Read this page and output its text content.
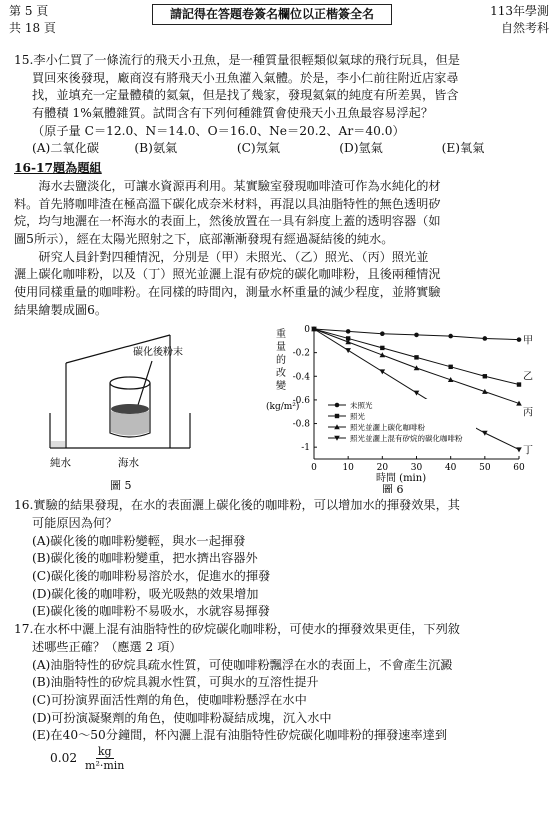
第 5 頁
共 18 頁
請記得在答題卷簽名欄位以正楷簽全名	113年學測
自然考科
15.李小仁買了一條流行的飛天小丑魚，是一種質量很輕類似氣球的飛行玩具，但是
買回來後發現，廠商沒有將飛天小丑魚灌入氣體。於是，李小仁前往附近店家尋
找，並填充一定量體積的氦氣，但是找了幾家，發現氦氣的純度有所差異，皆含
有體積 1%氣體雜質。試問含有下列何種雜質會使飛天小丑魚最容易浮起？
（原子量 C＝12.0、N＝14.0、O＝16.0、Ne＝20.2、Ar＝40.0）
(A)二氧化碳	(B)氨氣	(C)氖氣	(D)氫氣	(E)氧氣
16-17題為題組
海水去鹽淡化，可讓水資源再利用。某實驗室發現咖啡渣可作為水純化的材
料。首先將咖啡渣在極高溫下碳化成奈米材料，再混以具油脂特性的無色透明矽
烷，均勻地灑在一杯海水的表面上，然後放置在一具有斜度上蓋的透明容器（如
圖5所示），經在太陽光照射之下，底部漸漸發現有經過凝結後的純水。
研究人員針對四種情況，分別是（甲）未照光、（乙）照光、（丙）照光並
灑上碳化咖啡粉，以及（丁）照光並灑上混有矽烷的碳化咖啡粉，且後兩種情況
使用同樣重量的咖啡粉。在同樣的時間內，測量水杯重量的減少程度，並將實驗
結果繪製成圖6。
碳化後粉末
純水	海水
圖 5
重
量
的
改
變
(kg/m²)
0	10	20	30	40	50	60
0
-0.2
-0.4
-0.6
-0.8
-1
甲
乙
丙
丁
未照光
照光
照光並灑上碳化咖啡粉
照光並灑上混有矽烷的碳化咖啡粉
時間 (min)
圖 6
16.實驗的結果發現，在水的表面灑上碳化後的咖啡粉，可以增加水的揮發效果，其
可能原因為何？
(A)碳化後的咖啡粉變輕，與水一起揮發
(B)碳化後的咖啡粉變重，把水擠出容器外
(C)碳化後的咖啡粉易溶於水，促進水的揮發
(D)碳化後的咖啡粉，吸光吸熱的效果增加
(E)碳化後的咖啡粉不易吸水，水就容易揮發
17.在水杯中灑上混有油脂特性的矽烷碳化咖啡粉，可使水的揮發效果更佳，下列敘
述哪些正確？（應選 2 項）
(A)油脂特性的矽烷具疏水性質，可使咖啡粉飄浮在水的表面上，不會產生沉澱
(B)油脂特性的矽烷具親水性質，可與水的互溶性提升
(C)可扮演界面活性劑的角色，使咖啡粉懸浮在水中
(D)可扮演凝聚劑的角色，使咖啡粉凝結成塊，沉入水中
(E)在40～50分鐘間，杯內灑上混有油脂特性矽烷碳化咖啡粉的揮發速率達到
$0.02 \frac{kg}{\text{m²·min}}$
